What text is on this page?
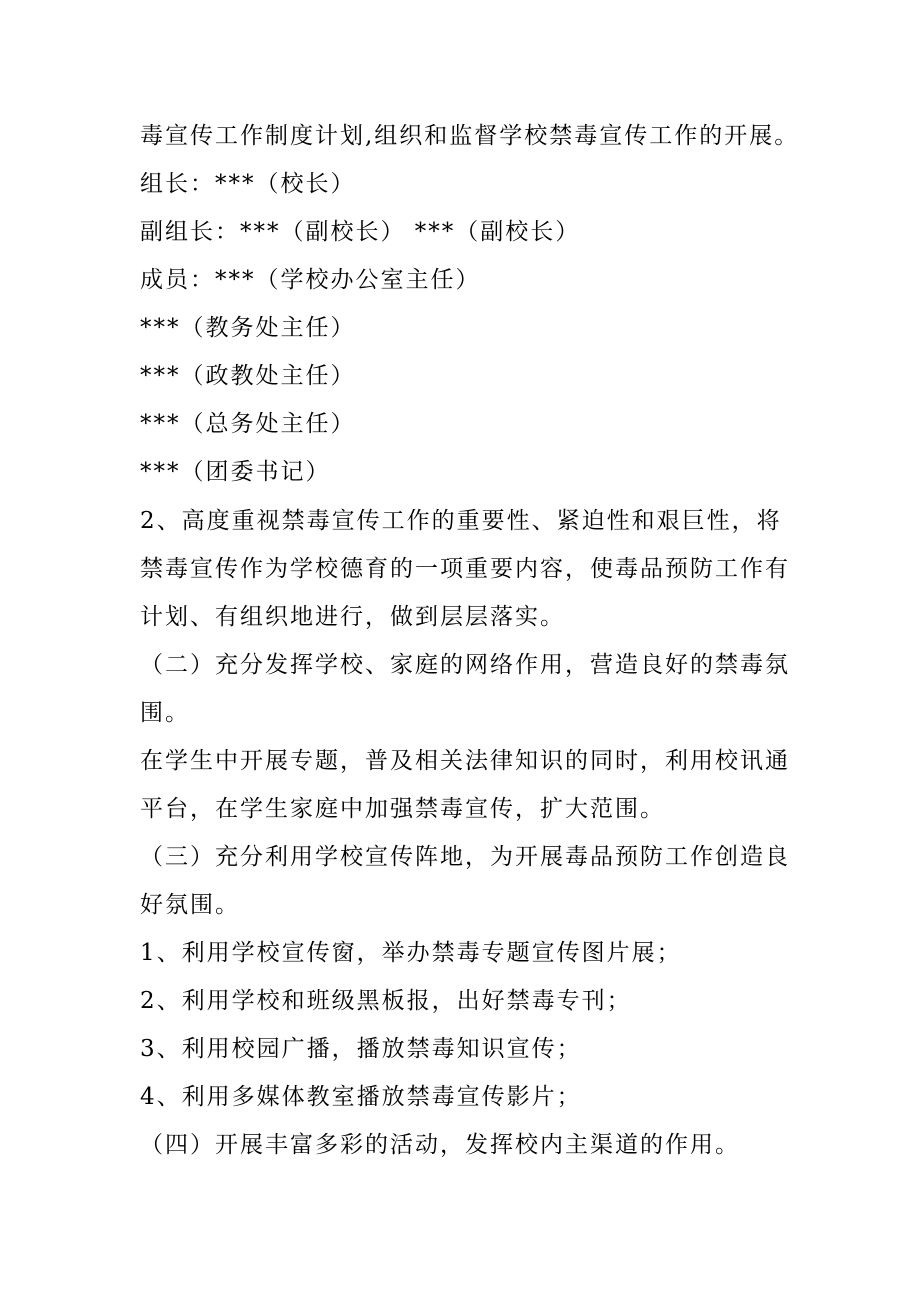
毒宣传工作制度计划,组织和监督学校禁毒宣传工作的开展。
组长：***（校长）
副组长：***（副校长） ***（副校长）
成员：***（学校办公室主任）
***（教务处主任）
***（政教处主任）
***（总务处主任）
***（团委书记）
2、高度重视禁毒宣传工作的重要性、紧迫性和艰巨性，将
禁毒宣传作为学校德育的一项重要内容，使毒品预防工作有
计划、有组织地进行，做到层层落实。
（二）充分发挥学校、家庭的网络作用，营造良好的禁毒氛
围。
在学生中开展专题，普及相关法律知识的同时，利用校讯通
平台，在学生家庭中加强禁毒宣传，扩大范围。
（三）充分利用学校宣传阵地，为开展毒品预防工作创造良
好氛围。
1、利用学校宣传窗，举办禁毒专题宣传图片展；
2、利用学校和班级黑板报，出好禁毒专刊；
3、利用校园广播，播放禁毒知识宣传；
4、利用多媒体教室播放禁毒宣传影片；
（四）开展丰富多彩的活动，发挥校内主渠道的作用。
